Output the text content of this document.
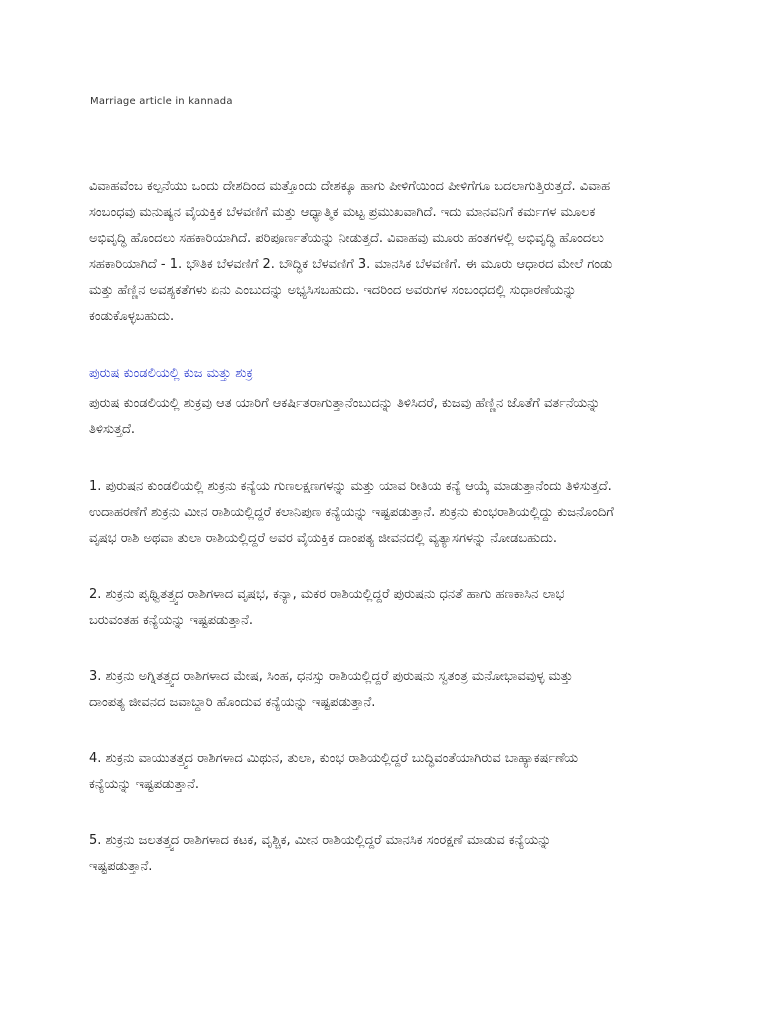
Marriage article in kannada
ವಿವಾಹವೆಂಬ ಕಲ್ಪನೆಯು ಒಂದು ದೇಶದಿಂದ ಮತ್ತೊಂದು ದೇಶಕ್ಕೂ ಹಾಗು ಪೀಳಿಗೆಯಿಂದ ಪೀಳಿಗೆಗೂ ಬದಲಾಗುತ್ತಿರುತ್ತದೆ. ವಿವಾಹ
ಸಂಬಂಧವು ಮನುಷ್ಯನ ವೈಯಕ್ತಿಕ ಬೆಳವಣಿಗೆ ಮತ್ತು ಆಧ್ಯಾತ್ಮಿಕ ಮಟ್ಟ ಪ್ರಮುಖವಾಗಿದೆ. ಇದು ಮಾನವನಿಗೆ ಕರ್ಮಗಳ ಮೂಲಕ
ಅಭಿವೃದ್ಧಿ ಹೊಂದಲು ಸಹಕಾರಿಯಾಗಿದೆ. ಪರಿಪೂರ್ಣತೆಯನ್ನು ನೀಡುತ್ತದೆ. ವಿವಾಹವು ಮೂರು ಹಂತಗಳಲ್ಲಿ ಅಭಿವೃದ್ಧಿ ಹೊಂದಲು
ಸಹಕಾರಿಯಾಗಿದೆ - 1. ಭೌತಿಕ ಬೆಳವಣಿಗೆ 2. ಬೌದ್ಧಿಕ ಬೆಳವಣಿಗೆ 3. ಮಾನಸಿಕ ಬೆಳವಣಿಗೆ. ಈ ಮೂರು ಆಧಾರದ ಮೇಲೆ ಗಂಡು
ಮತ್ತು ಹೆಣ್ಣಿನ ಅವಶ್ಯಕತೆಗಳು ಏನು ಎಂಬುದನ್ನು ಅಭ್ಯಸಿಸಬಹುದು. ಇದರಿಂದ ಅವರುಗಳ ಸಂಬಂಧದಲ್ಲಿ ಸುಧಾರಣೆಯನ್ನು
ಕಂಡುಕೊಳ್ಳಬಹುದು.
ಪುರುಷ ಕುಂಡಲಿಯಲ್ಲಿ ಕುಜ ಮತ್ತು ಶುಕ್ರ
ಪುರುಷ ಕುಂಡಲಿಯಲ್ಲಿ ಶುಕ್ರವು ಆತ ಯಾರಿಗೆ ಆಕರ್ಷಿತರಾಗುತ್ತಾನೆಂಬುದನ್ನು ತಿಳಿಸಿದರೆ, ಕುಜವು ಹೆಣ್ಣಿನ ಜೊತೆಗೆ ವರ್ತನೆಯನ್ನು
ತಿಳಿಸುತ್ತದೆ.
1. ಪುರುಷನ ಕುಂಡಲಿಯಲ್ಲಿ ಶುಕ್ರನು ಕನ್ಯೆಯ ಗುಣಲಕ್ಷಣಗಳನ್ನು ಮತ್ತು ಯಾವ ರೀತಿಯ ಕನ್ಯೆ ಆಯ್ಕೆ ಮಾಡುತ್ತಾನೆಂದು ತಿಳಿಸುತ್ತದೆ.
ಉದಾಹರಣೆಗೆ ಶುಕ್ರನು ಮೀನ ರಾಶಿಯಲ್ಲಿದ್ದರೆ ಕಲಾನಿಪುಣ ಕನ್ಯೆಯನ್ನು ಇಷ್ಟಪಡುತ್ತಾನೆ. ಶುಕ್ರನು ಕುಂಭರಾಶಿಯಲ್ಲಿದ್ದು ಕುಜನೊಂದಿಗೆ
ವೃಷಭ ರಾಶಿ ಅಥವಾ ತುಲಾ ರಾಶಿಯಲ್ಲಿದ್ದರೆ ಅವರ ವೈಯಕ್ತಿಕ ದಾಂಪತ್ಯ ಜೀವನದಲ್ಲಿ ವ್ಯತ್ಯಾಸಗಳನ್ನು ನೋಡಬಹುದು.
2. ಶುಕ್ರನು ಪೃಥ್ವಿತತ್ತ್ವದ ರಾಶಿಗಳಾದ ವೃಷಭ, ಕನ್ಯಾ, ಮಕರ ರಾಶಿಯಲ್ಲಿದ್ದರೆ ಪುರುಷನು ಧನತೆ ಹಾಗು ಹಣಕಾಸಿನ ಲಾಭ
ಬರುವಂತಹ ಕನ್ಯೆಯನ್ನು ಇಷ್ಟಪಡುತ್ತಾನೆ.
3. ಶುಕ್ರನು ಅಗ್ನಿತತ್ತ್ವದ ರಾಶಿಗಳಾದ ಮೇಷ, ಸಿಂಹ, ಧನಸ್ಸು ರಾಶಿಯಲ್ಲಿದ್ದರೆ ಪುರುಷನು ಸ್ವತಂತ್ರ ಮನೋಭಾವವುಳ್ಳ ಮತ್ತು
ದಾಂಪತ್ಯ ಜೀವನದ ಜವಾಬ್ದಾರಿ ಹೊಂದುವ ಕನ್ಯೆಯನ್ನು ಇಷ್ಟಪಡುತ್ತಾನೆ.
4. ಶುಕ್ರನು ವಾಯುತತ್ತ್ವದ ರಾಶಿಗಳಾದ ಮಿಥುನ, ತುಲಾ, ಕುಂಭ ರಾಶಿಯಲ್ಲಿದ್ದರೆ ಬುದ್ಧಿವಂತೆಯಾಗಿರುವ ಬಾಹ್ಯಾಕರ್ಷಣೆಯ
ಕನ್ಯೆಯನ್ನು ಇಷ್ಟಪಡುತ್ತಾನೆ.
5. ಶುಕ್ರನು ಜಲತತ್ತ್ವದ ರಾಶಿಗಳಾದ ಕಟಕ, ವೃಶ್ಚಿಕ, ಮೀನ ರಾಶಿಯಲ್ಲಿದ್ದರೆ ಮಾನಸಿಕ ಸಂರಕ್ಷಣೆ ಮಾಡುವ ಕನ್ಯೆಯನ್ನು
ಇಷ್ಟಪಡುತ್ತಾನೆ.
